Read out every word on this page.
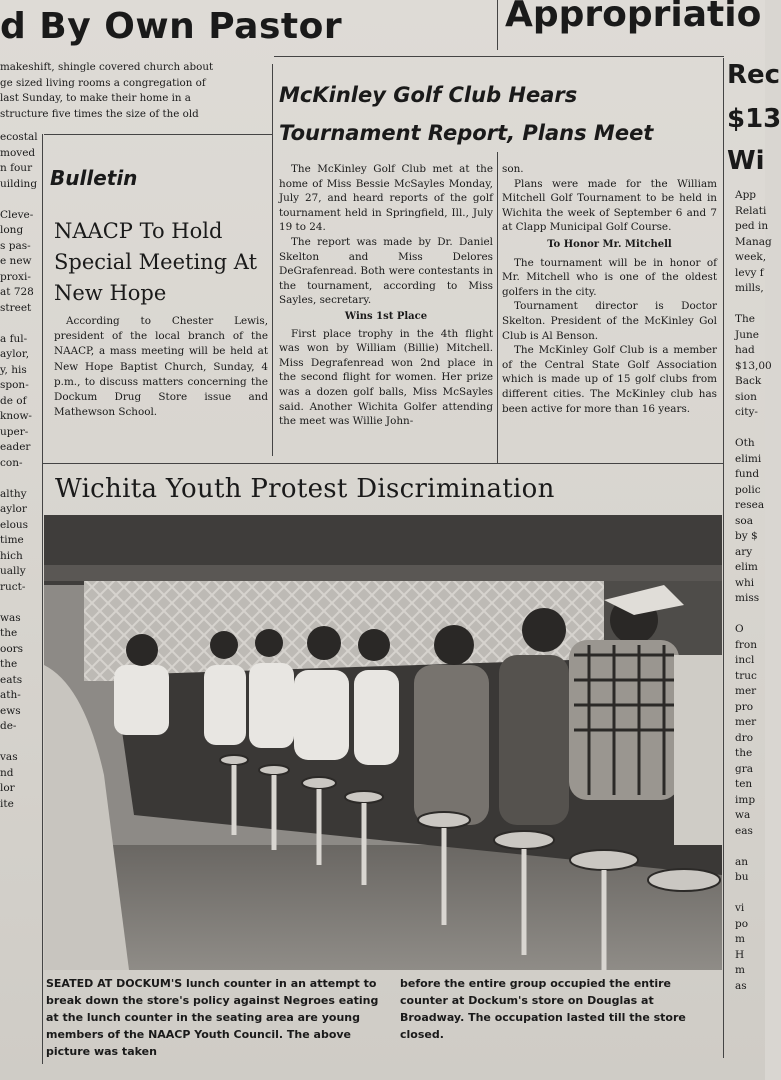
d By Own Pastor	Appropriatio
makeshift, shingle covered church about
ge sized living rooms a congregation of
last Sunday, to make their home in a
structure five times the size of the old
ecostal
moved
n four
uilding
Cleve-
long
s pas-
e new
proxi-
at 728
street
a ful-
aylor,
y, his
spon-
de of
know-
uper-
eader
con-
althy
aylor
elous
time
hich
ually
ruct-
was
the
oors
the
eats
ath-
ews
de-
vas
nd
lor
ite
Rec
$13
Wi
App
Relati
ped in
Manag
week,
levy f
mills,
The
June
had
$13,00
Back
sion
city-
Oth
elimi
fund
polic
resea
soa
by $
ary
elim
whi
miss
O
fron
incl
truc
mer
pro
mer
dro
the
gra
ten
imp
wa
eas
an
bu
vi
po
m
H
m
as
McKinley Golf Club Hears Tournament Report, Plans Meet
The McKinley Golf Club met at the home of Miss Bessie McSayles Monday, July 27, and heard reports of the golf tournament held in Springfield, Ill., July 19 to 24.
The report was made by Dr. Daniel Skelton and Miss Delores DeGrafenread. Both were contestants in the tournament, according to Miss Sayles, secretary.
Wins 1st Place
First place trophy in the 4th flight was won by William (Billie) Mitchell. Miss Degrafenread won 2nd place in the second flight for women. Her prize was a dozen golf balls, Miss McSayles said. Another Wichita Golfer attending the meet was Willie John-
son.
Plans were made for the William Mitchell Golf Tournament to be held in Wichita the week of September 6 and 7 at Clapp Municipal Golf Course.
To Honor Mr. Mitchell
The tournament will be in honor of Mr. Mitchell who is one of the oldest golfers in the city.
Tournament director is Doctor Skelton. President of the McKinley Gol Club is Al Benson.
The McKinley Golf Club is a member of the Central State Golf Association which is made up of 15 golf clubs from different cities. The McKinley club has been active for more than 16 years.
Bulletin
NAACP To Hold Special Meeting At New Hope
According to Chester Lewis, president of the local branch of the NAACP, a mass meeting will be held at New Hope Baptist Church, Sunday, 4 p.m., to discuss matters concerning the Dockum Drug Store issue and Mathewson School.
Wichita Youth Protest Discrimination
SEATED AT DOCKUM'S lunch counter in an attempt to break down the store's policy against Negroes eating at the lunch counter in the seating area are young members of the NAACP Youth Council. The above picture was taken
before the entire group occupied the entire counter at Dockum's store on Douglas at Broadway. The occupation lasted till the store closed.
